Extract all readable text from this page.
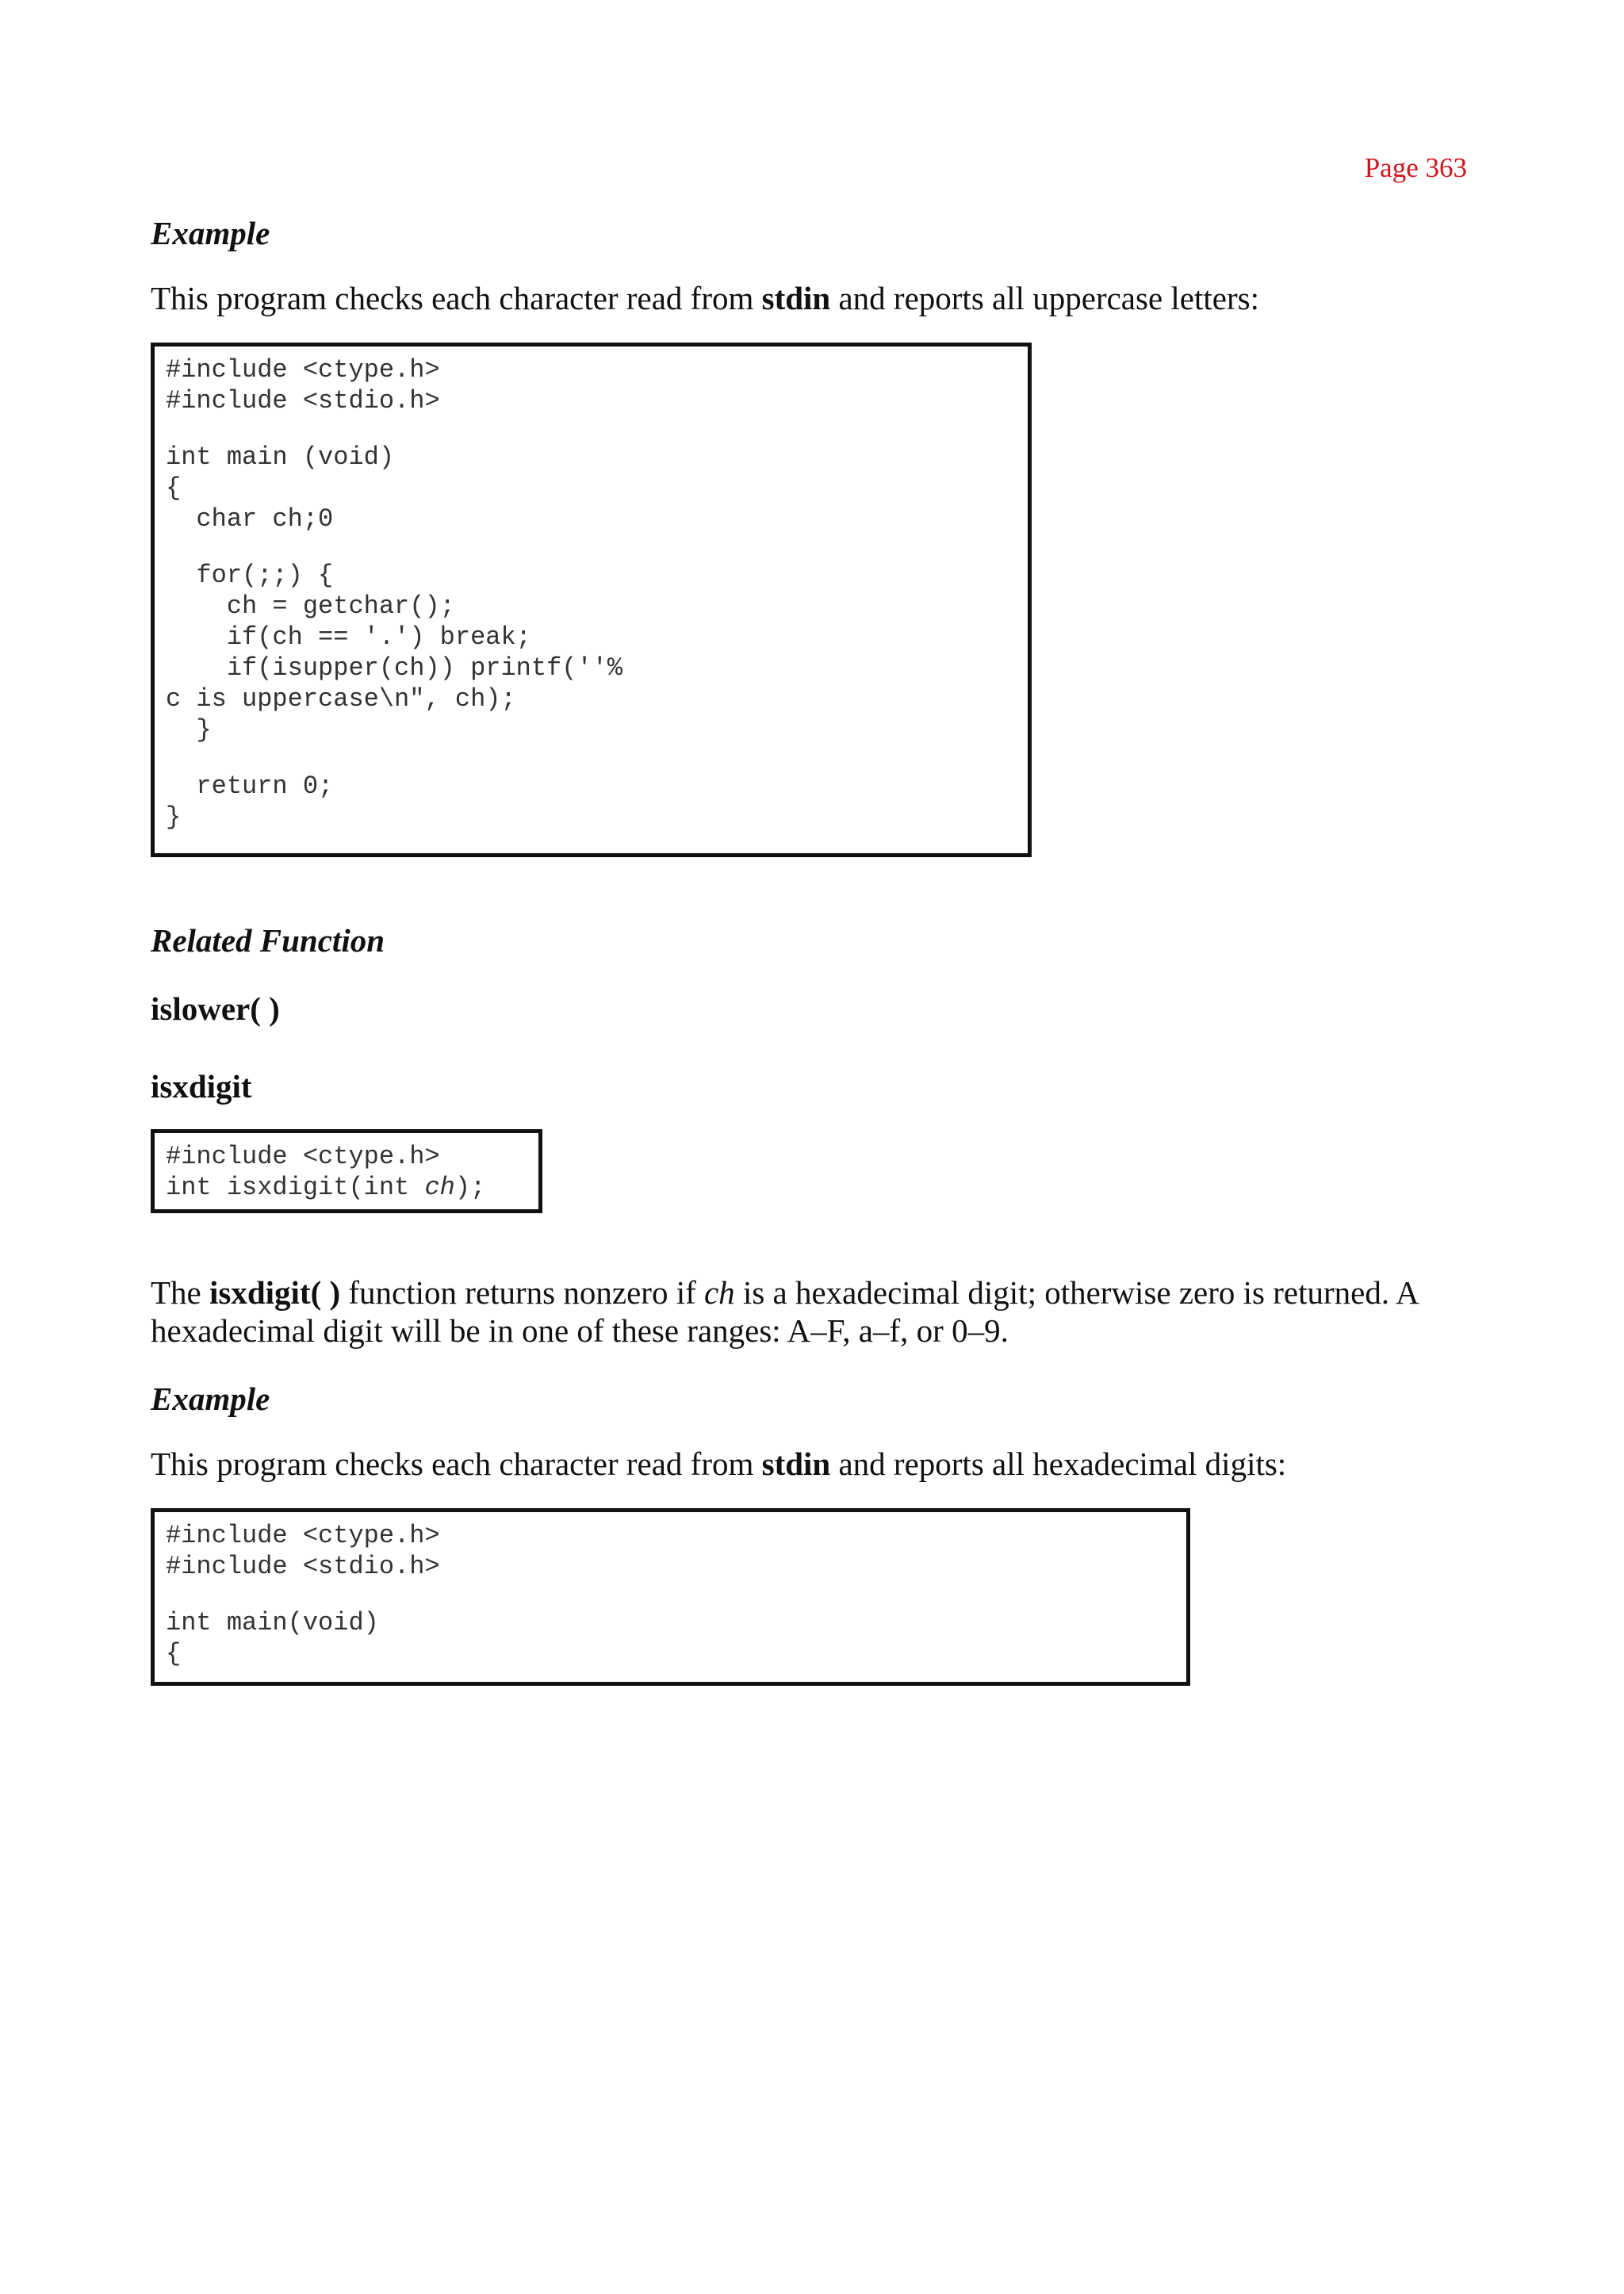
Page 363
Example

This program checks each character read from stdin and reports all uppercase letters:

#include <ctype.h>
#include <stdio.h>
int main (void)
{
char ch;0
for(;;) {
ch = getchar();
if(ch == '.') break;
if(isupper(ch)) printf(''%
c is uppercase\n", ch);
}
return 0;
}
Related Function
islower( )
isxdigit
#include <ctype.h>
int isxdigit(int ch);

The isxdigit( ) function returns nonzero if ch is a hexadecimal digit; otherwise zero is returned. A hexadecimal digit will be in one of these ranges: A–F, a–f, or 0–9.

Example

This program checks each character read from stdin and reports all hexadecimal digits:

#include <ctype.h>
#include <stdio.h>
int main(void)
{
